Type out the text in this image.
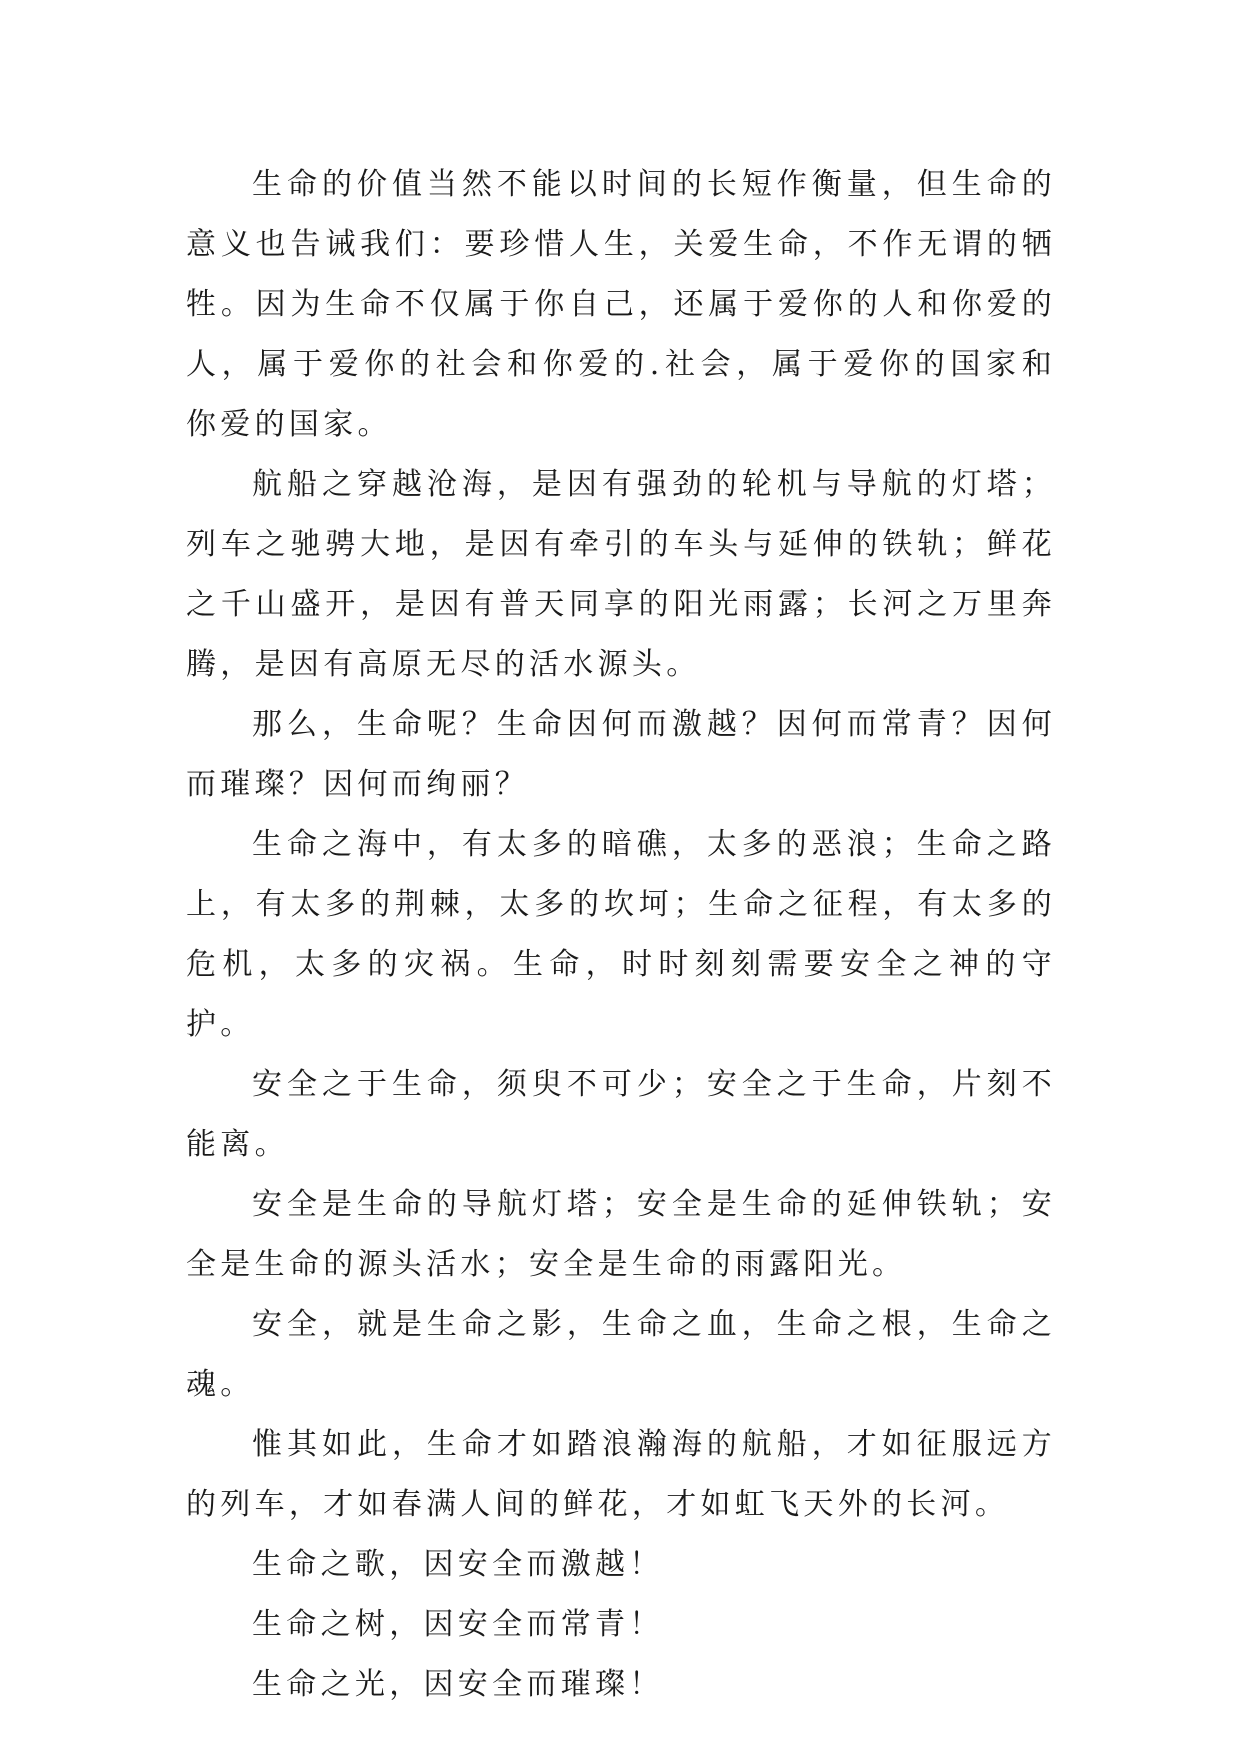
生命的价值当然不能以时间的长短作衡量，但生命的意义也告诫我们：要珍惜人生，关爱生命，不作无谓的牺牲。因为生命不仅属于你自己，还属于爱你的人和你爱的人，属于爱你的社会和你爱的.社会，属于爱你的国家和你爱的国家。

航船之穿越沧海，是因有强劲的轮机与导航的灯塔；列车之驰骋大地，是因有牵引的车头与延伸的铁轨；鲜花之千山盛开，是因有普天同享的阳光雨露；长河之万里奔腾，是因有高原无尽的活水源头。

那么，生命呢？生命因何而激越？因何而常青？因何而璀璨？因何而绚丽？

生命之海中，有太多的暗礁，太多的恶浪；生命之路上，有太多的荆棘，太多的坎坷；生命之征程，有太多的危机，太多的灾祸。生命，时时刻刻需要安全之神的守护。

安全之于生命，须臾不可少；安全之于生命，片刻不能离。

安全是生命的导航灯塔；安全是生命的延伸铁轨；安全是生命的源头活水；安全是生命的雨露阳光。

安全，就是生命之影，生命之血，生命之根，生命之魂。

惟其如此，生命才如踏浪瀚海的航船，才如征服远方的列车，才如春满人间的鲜花，才如虹飞天外的长河。

生命之歌，因安全而激越！

生命之树，因安全而常青！

生命之光，因安全而璀璨！
